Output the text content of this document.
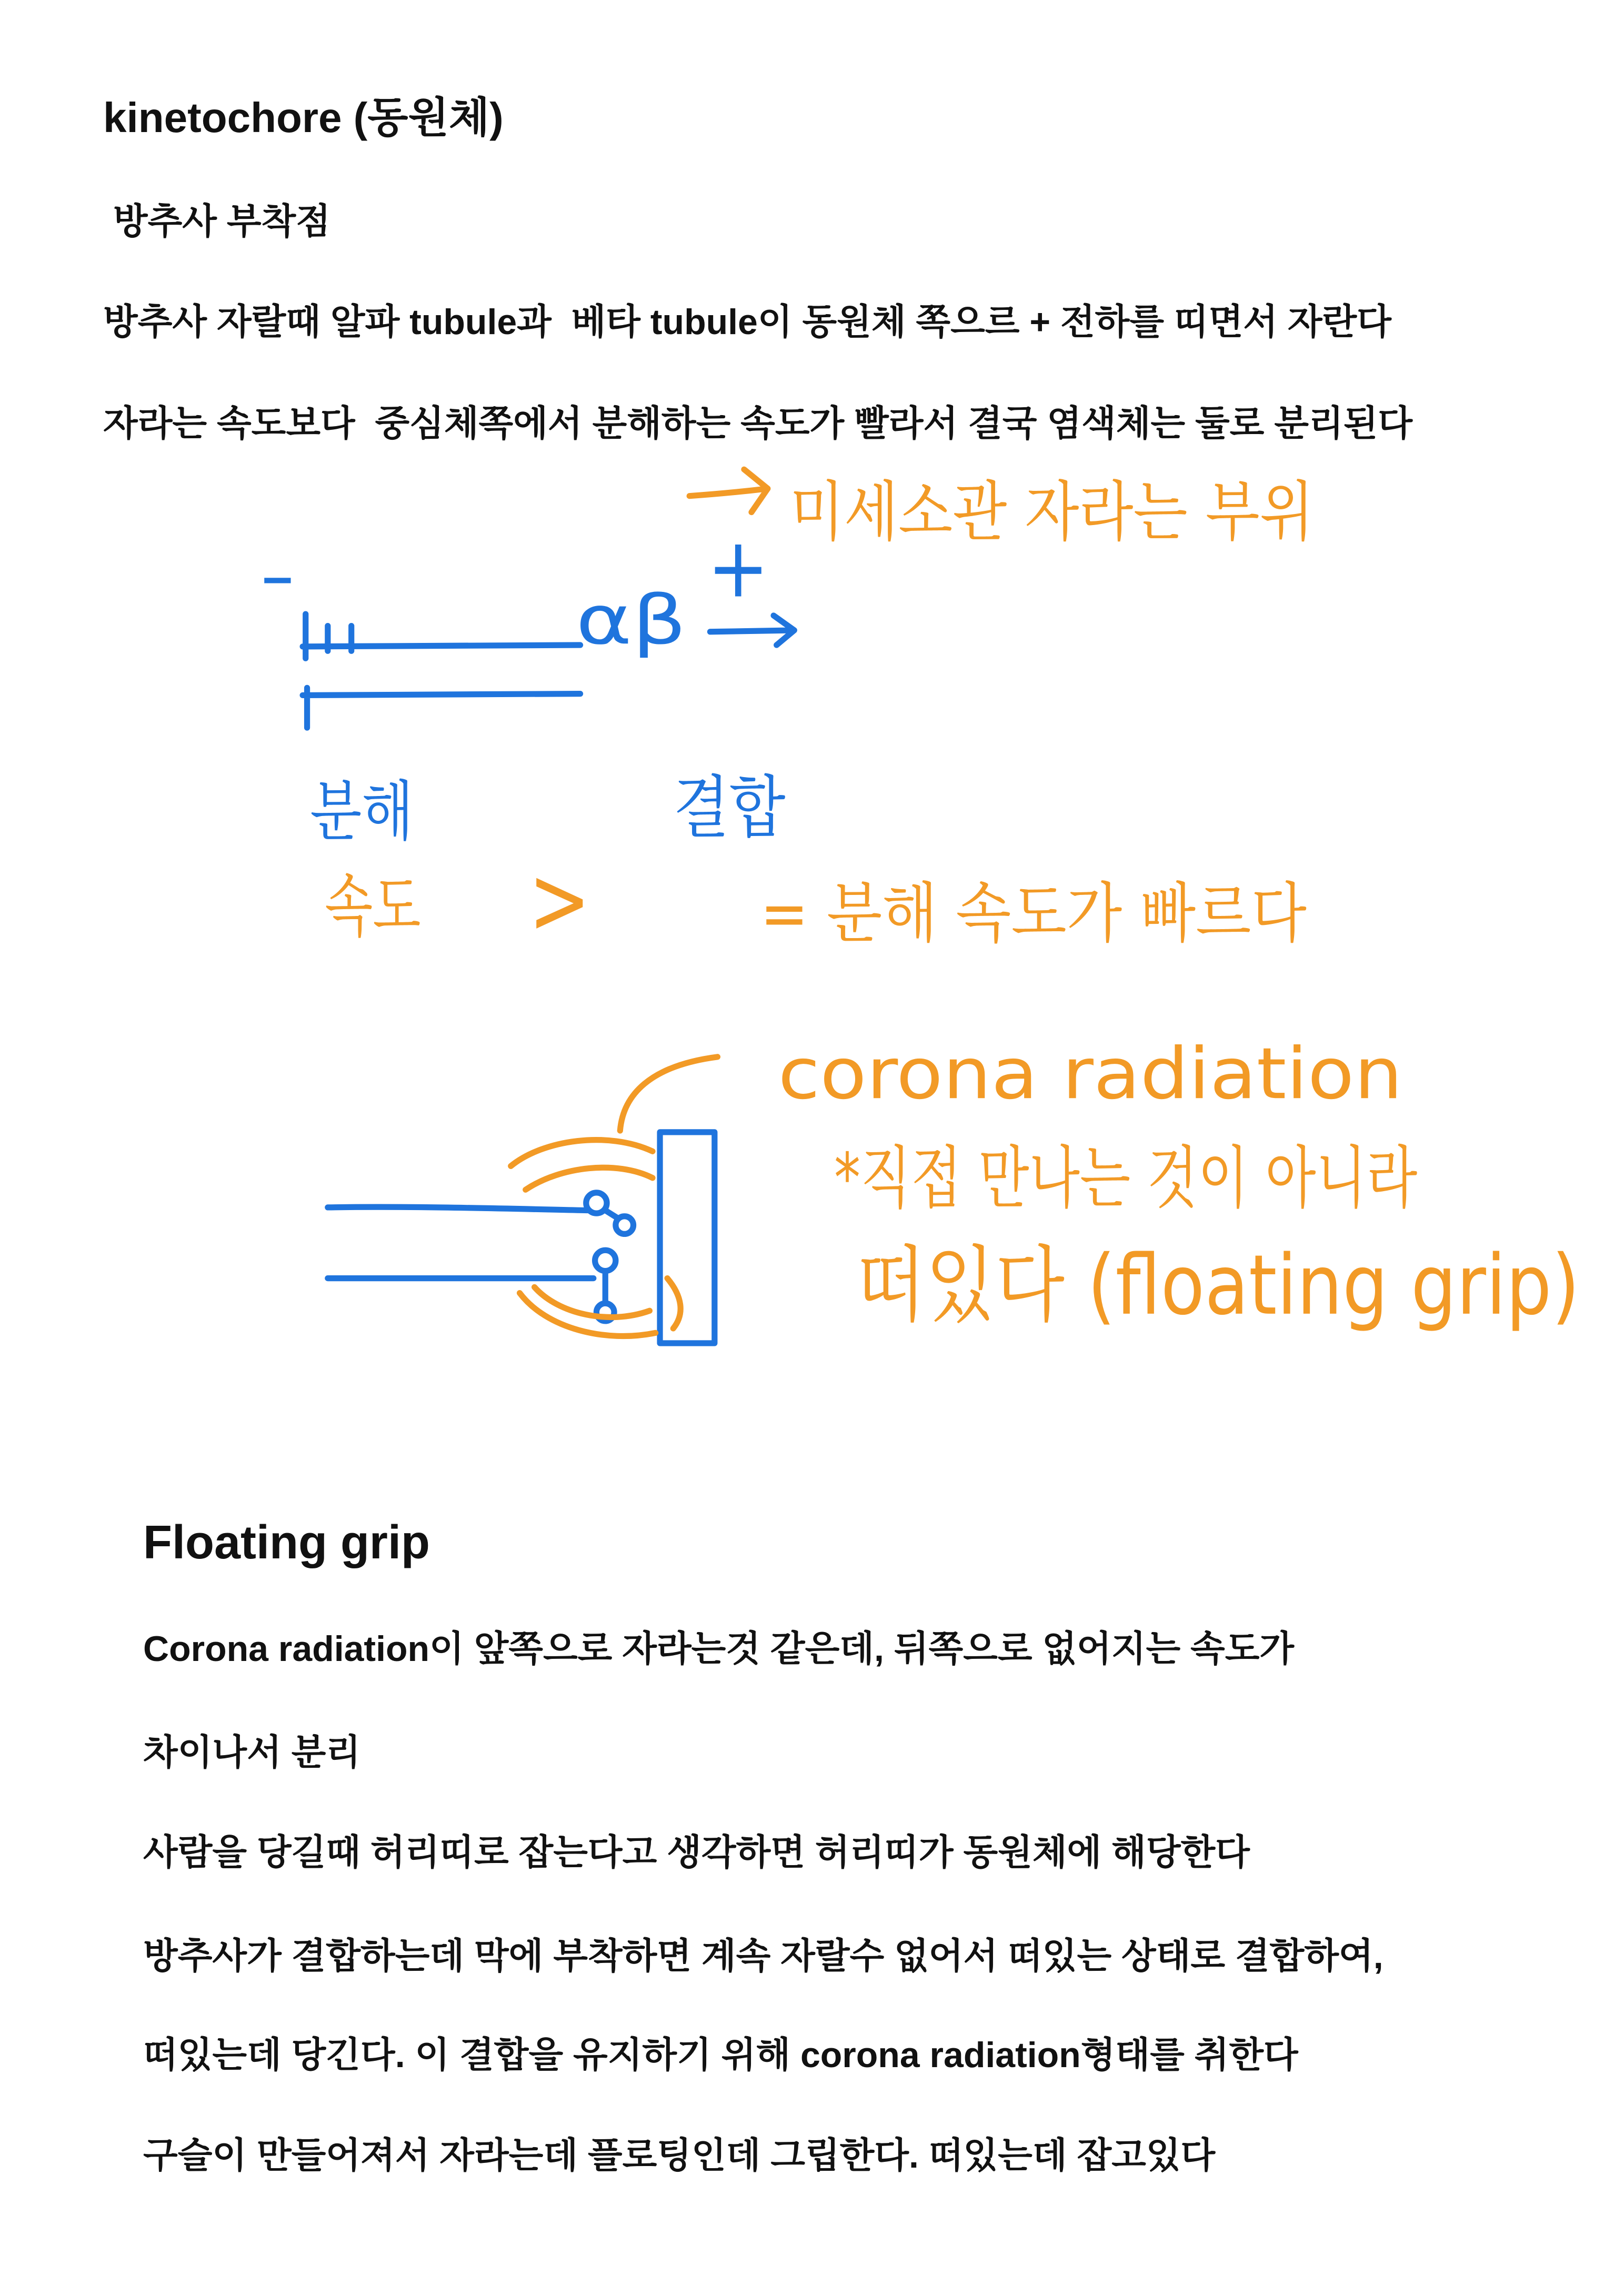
kinetochore (동원체)
방추사 부착점
방추사 자랄때 알파 tubule과  베타 tubule이 동원체 쪽으르 + 전하를 띠면서 자란다
자라는 속도보다  중심체쪽에서 분해하는 속도가 빨라서 결국 염색체는 둘로 분리된다
Floating grip
Corona radiation이 앞쪽으로 자라는것 같은데, 뒤쪽으로 없어지는 속도가
차이나서 분리
사람을 당길때 허리띠로 잡는다고 생각하면 허리띠가 동원체에 해당한다
방추사가 결합하는데 막에 부착하면 계속 자랄수 없어서 떠있는 상태로 결합하여,
떠있는데 당긴다. 이 결합을 유지하기 위해 corona radiation형태를 취한다
구슬이 만들어져서 자라는데 플로팅인데 그립한다. 떠있는데 잡고있다
미세소관 자라는 부위
−
αβ
+
분해	결합
속도	>	= 분해 속도가 빠르다
corona radiation
*직접 만나는 것이 아니라
떠있다 (floating grip)
